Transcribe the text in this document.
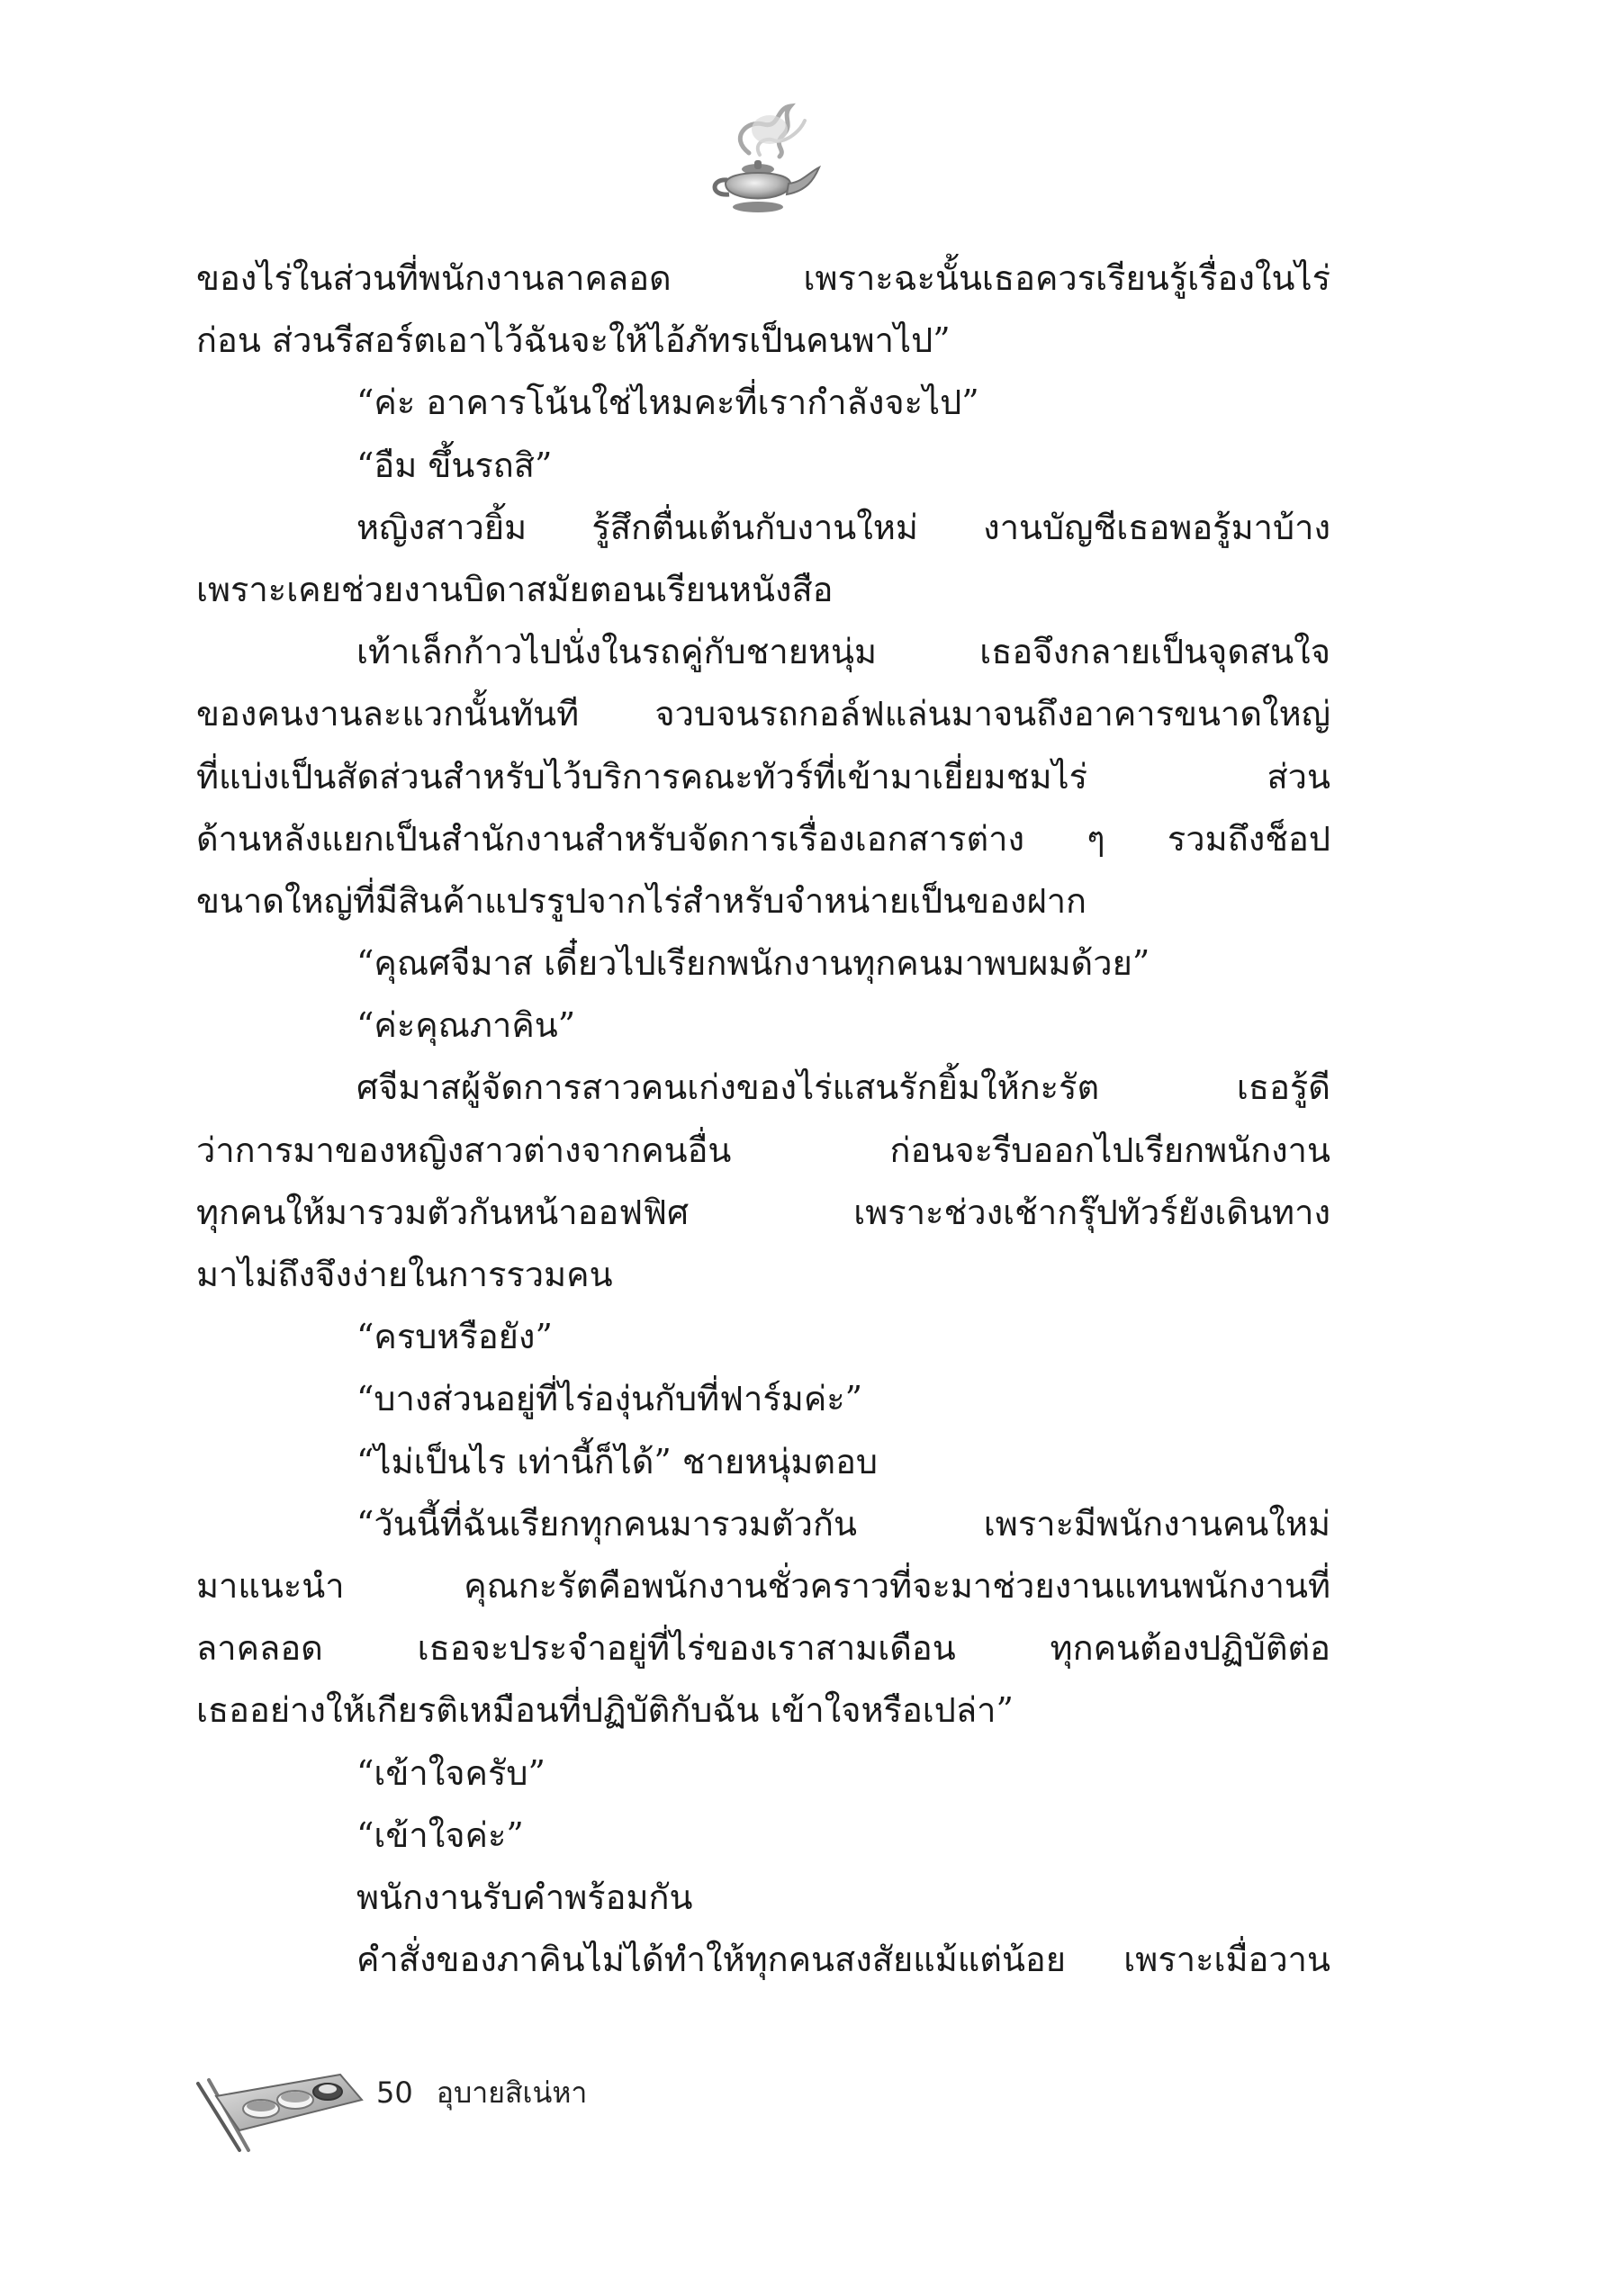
ของไร่ในส่วนที่พนักงานลาคลอด เพราะฉะนั้นเธอควรเรียนรู้เรื่องในไร่
ก่อน ส่วนรีสอร์ตเอาไว้ฉันจะให้ไอ้ภัทรเป็นคนพาไป”
“ค่ะ อาคารโน้นใช่ไหมคะที่เรากำลังจะไป”
“อืม ขึ้นรถสิ”
หญิงสาวยิ้ม รู้สึกตื่นเต้นกับงานใหม่ งานบัญชีเธอพอรู้มาบ้าง
เพราะเคยช่วยงานบิดาสมัยตอนเรียนหนังสือ
เท้าเล็กก้าวไปนั่งในรถคู่กับชายหนุ่ม เธอจึงกลายเป็นจุดสนใจ
ของคนงานละแวกนั้นทันที จวบจนรถกอล์ฟแล่นมาจนถึงอาคารขนาดใหญ่
ที่แบ่งเป็นสัดส่วนสำหรับไว้บริการคณะทัวร์ที่เข้ามาเยี่ยมชมไร่ ส่วน
ด้านหลังแยกเป็นสำนักงานสำหรับจัดการเรื่องเอกสารต่าง ๆ รวมถึงช็อป
ขนาดใหญ่ที่มีสินค้าแปรรูปจากไร่สำหรับจำหน่ายเป็นของฝาก
“คุณศจีมาส เดี๋ยวไปเรียกพนักงานทุกคนมาพบผมด้วย”
“ค่ะคุณภาคิน”
ศจีมาสผู้จัดการสาวคนเก่งของไร่แสนรักยิ้มให้กะรัต เธอรู้ดี
ว่าการมาของหญิงสาวต่างจากคนอื่น ก่อนจะรีบออกไปเรียกพนักงาน
ทุกคนให้มารวมตัวกันหน้าออฟฟิศ เพราะช่วงเช้ากรุ๊ปทัวร์ยังเดินทาง
มาไม่ถึงจึงง่ายในการรวมคน
“ครบหรือยัง”
“บางส่วนอยู่ที่ไร่องุ่นกับที่ฟาร์มค่ะ”
“ไม่เป็นไร เท่านี้ก็ได้” ชายหนุ่มตอบ
“วันนี้ที่ฉันเรียกทุกคนมารวมตัวกัน เพราะมีพนักงานคนใหม่
มาแนะนำ คุณกะรัตคือพนักงานชั่วคราวที่จะมาช่วยงานแทนพนักงานที่
ลาคลอด เธอจะประจำอยู่ที่ไร่ของเราสามเดือน ทุกคนต้องปฏิบัติต่อ
เธออย่างให้เกียรติเหมือนที่ปฏิบัติกับฉัน เข้าใจหรือเปล่า”
“เข้าใจครับ”
“เข้าใจค่ะ”
พนักงานรับคำพร้อมกัน
คำสั่งของภาคินไม่ได้ทำให้ทุกคนสงสัยแม้แต่น้อย เพราะเมื่อวาน
50 อุบายสิเน่หา
